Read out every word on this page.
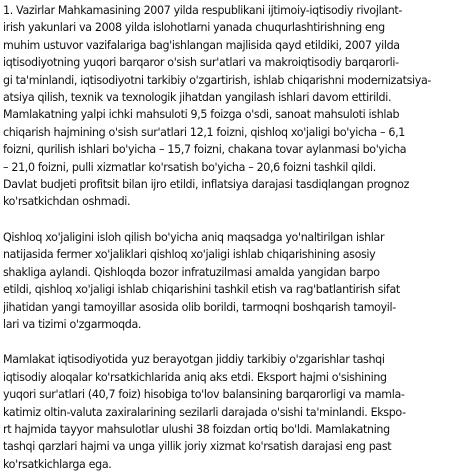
1. Vazirlar Mahkamasining 2007 yilda respublikani ijtimoiy-iqtisodiy rivojlant-
irish yakunlari va 2008 yilda islohotlarni yanada chuqurlashtirishning eng
muhim ustuvor vazifalariga bag'ishlangan majlisida qayd etildiki, 2007 yilda
iqtisodiyotning yuqori barqaror o'sish sur'atlari va makroiqtisodiy barqarorli-
gi ta'minlandi, iqtisodiyotni tarkibiy o'zgartirish, ishlab chiqarishni modernizatsiya-
atsiya qilish, texnik va texnologik jihatdan yangilash ishlari davom ettirildi.
Mamlakatning yalpi ichki mahsuloti 9,5 foizga o'sdi, sanoat mahsuloti ishlab
chiqarish hajmining o'sish sur'atlari 12,1 foizni, qishloq xo'jaligi bo'yicha – 6,1
foizni, qurilish ishlari bo'yicha – 15,7 foizni, chakana tovar aylanmasi bo'yicha
– 21,0 foizni, pulli xizmatlar ko'rsatish bo'yicha – 20,6 foizni tashkil qildi.
Davlat budjeti profitsit bilan ijro etildi, inflatsiya darajasi tasdiqlangan prognoz
ko'rsatkichdan oshmadi.

Qishloq xo'jaligini isloh qilish bo'yicha aniq maqsadga yo'naltirilgan ishlar
natijasida fermer xo'jaliklari qishloq xo'jaligi ishlab chiqarishining asosiy
shakliga aylandi. Qishloqda bozor infratuzilmasi amalda yangidan barpo
etildi, qishloq xo'jaligi ishlab chiqarishini tashkil etish va rag'batlantirish sifat
jihatidan yangi tamoyillar asosida olib borildi, tarmoqni boshqarish tamoyil-
lari va tizimi o'zgarmoqda.

Mamlakat iqtisodiyotida yuz berayotgan jiddiy tarkibiy o'zgarishlar tashqi
iqtisodiy aloqalar ko'rsatkichlarida aniq aks etdi. Eksport hajmi o'sishining
yuqori sur'atlari (40,7 foiz) hisobiga to'lov balansining barqarorligi va mamla-
katimiz oltin-valuta zaxiralarining sezilarli darajada o'sishi ta'minlandi. Ekspo-
rt hajmida tayyor mahsulotlar ulushi 38 foizdan ortiq bo'ldi. Mamlakatning
tashqi qarzlari hajmi va unga yillik joriy xizmat ko'rsatish darajasi eng past
ko'rsatkichlarga ega.
